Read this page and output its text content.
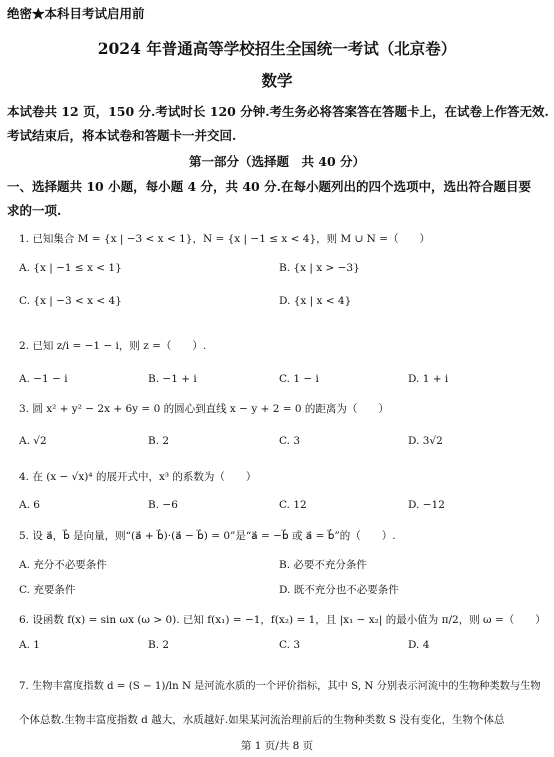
绝密★本科目考试启用前
2024 年普通高等学校招生全国统一考试（北京卷）
数学
本试卷共 12 页，150 分.考试时长 120 分钟.考生务必将答案答在答题卡上，在试卷上作答无效.
考试结束后，将本试卷和答题卡一并交回.
第一部分（选择题　共 40 分）
一、选择题共 10 小题，每小题 4 分，共 40 分.在每小题列出的四个选项中，选出符合题目要
求的一项.
1. 已知集合 M = {x | −3 < x < 1}，N = {x | −1 ≤ x < 4}，则 M ∪ N =（　　）
A. {x | −1 ≤ x < 1}	B. {x | x > −3}
C. {x | −3 < x < 4}	D. {x | x < 4}
2. 已知 z/i = −1 − i，则 z =（　　）.
A. −1 − i	B. −1 + i	C. 1 − i	D. 1 + i
3. 圆 x² + y² − 2x + 6y = 0 的圆心到直线 x − y + 2 = 0 的距离为（　　）
A. √2	B. 2	C. 3	D. 3√2
4. 在 (x − √x)⁴ 的展开式中，x³ 的系数为（　　）
A. 6	B. −6	C. 12	D. −12
5. 设 a⃗，b⃗ 是向量，则“(a⃗ + b⃗)·(a⃗ − b⃗) = 0”是“a⃗ = −b⃗ 或 a⃗ = b⃗”的（　　）.
A. 充分不必要条件	B. 必要不充分条件
C. 充要条件	D. 既不充分也不必要条件
6. 设函数 f(x) = sin ωx (ω > 0). 已知 f(x₁) = −1，f(x₂) = 1，且 |x₁ − x₂| 的最小值为 π/2，则 ω =（　　）
A. 1	B. 2	C. 3	D. 4
7. 生物丰富度指数 d = (S − 1)/ln N 是河流水质的一个评价指标，其中 S, N 分别表示河流中的生物种类数与生物
个体总数.生物丰富度指数 d 越大，水质越好.如果某河流治理前后的生物种类数 S 没有变化，生物个体总
第 1 页/共 8 页
